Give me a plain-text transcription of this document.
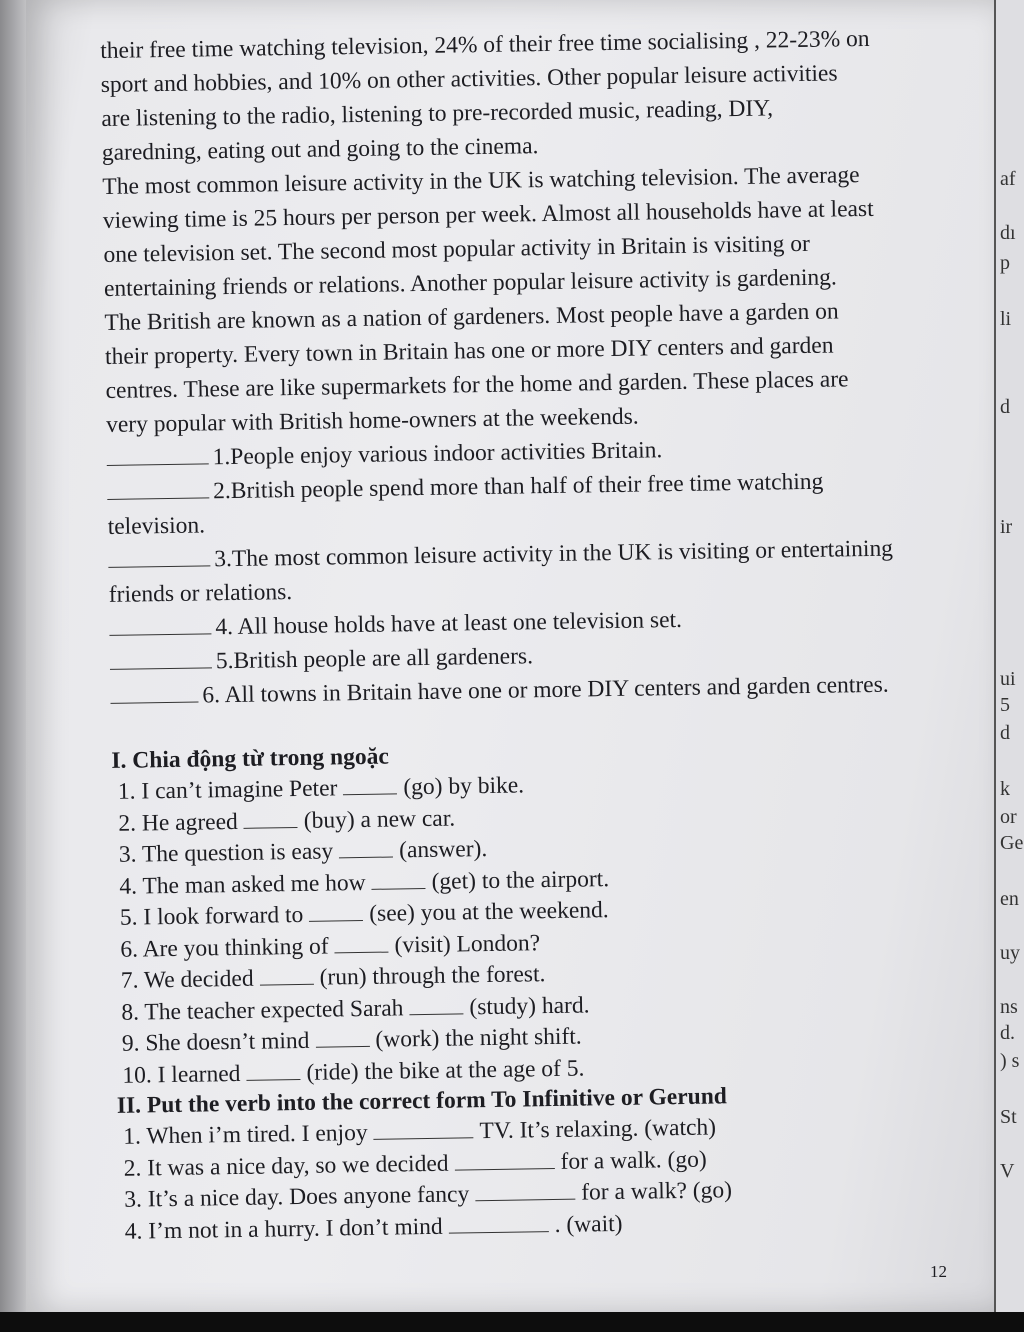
af
dı
p
li
d
ir
ui
5
d
k
or
Ge
en
uy
ns
d.
) s
St
V

their free time watching television, 24% of their free time socialising , 22-23% on

sport and hobbies, and 10% on other activities. Other popular leisure activities

are listening to the radio, listening to pre-recorded music, reading, DIY,

garedning, eating out and going to the cinema.

The most common leisure activity in the UK is watching television. The average

viewing time is 25 hours per person per week. Almost all households have at least

one television set. The second most popular activity in Britain is visiting or

entertaining friends or relations. Another popular leisure activity is gardening.

The British are known as a nation of gardeners. Most people have a garden on

their property. Every town in Britain has one or more DIY centers and garden

centres. These are like supermarkets for the home and garden. These places are

very popular with British home-owners at the weekends.

1.People enjoy various indoor activities Britain.
2.British people spend more than half of their free time watching
television.
3.The most common leisure activity in the UK is visiting or entertaining
friends or relations.
4. All house holds have at least one television set.
5.British people are all gardeners.
6. All towns in Britain have one or more DIY centers and garden centres.
I. Chia động từ trong ngoặc
1. I can’t imagine Peter	(go) by bike.
2. He agreed	(buy) a new car.
3. The question is easy	(answer).
4. The man asked me how	(get) to the airport.
5. I look forward to	(see) you at the weekend.
6. Are you thinking of	(visit) London?
7. We decided	(run) through the forest.
8. The teacher expected Sarah	(study) hard.
9. She doesn’t mind	(work) the night shift.
10. I learned	(ride) the bike at the age of 5.
II. Put the verb into the correct form To Infinitive or Gerund
1. When i’m tired. I enjoy	TV. It’s relaxing. (watch)
2. It was a nice day, so we decided	for a walk. (go)
3. It’s a nice day. Does anyone fancy	for a walk? (go)
4. I’m not in a hurry. I don’t mind	. (wait)
12
